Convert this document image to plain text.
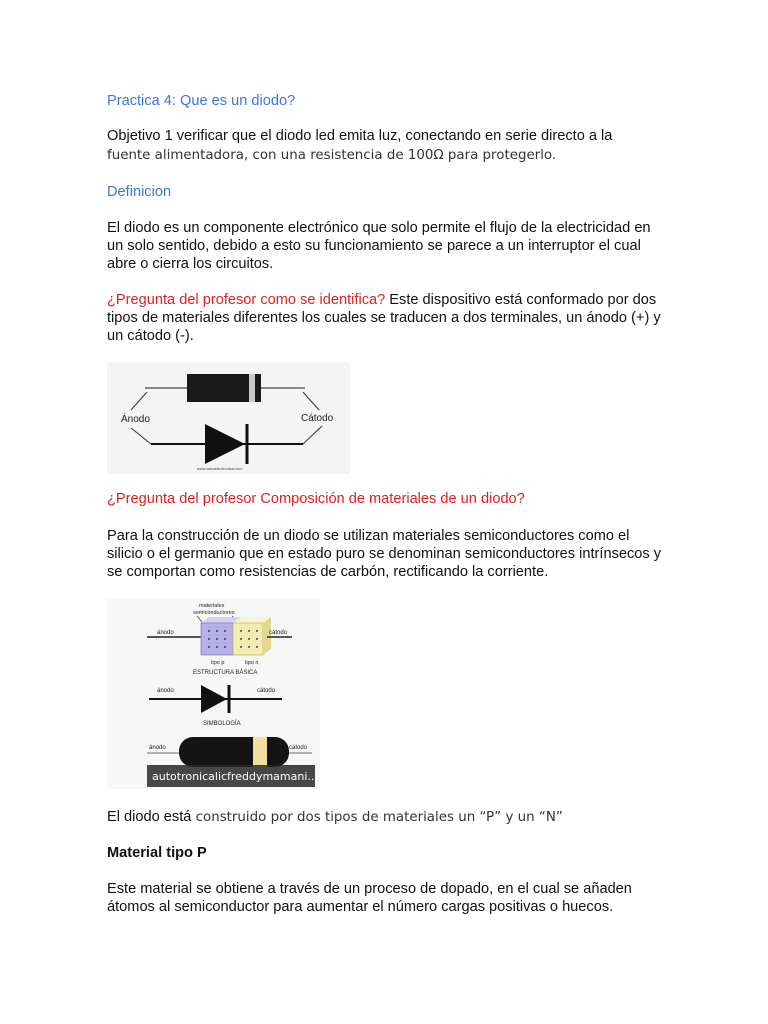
Practica 4: Que es un diodo?

Objetivo 1 verificar que el diodo led emita luz, conectando en serie directo a la

fuente alimentadora, con una resistencia de 100Ω para protegerlo.

Definicion
El diodo es un componente electrónico que solo permite el flujo de la electricidad en un solo sentido, debido a esto su funcionamiento se parece a un interruptor el cual abre o cierra los circuitos.
¿Pregunta del profesor como se identifica? Este dispositivo está conformado por dos tipos de materiales diferentes los cuales se traducen a dos terminales, un ánodo (+) y un cátodo (-).
Ánodo	Cátodo
www.areaelectronica.com
¿Pregunta del profesor Composición de materiales de un diodo?
Para la construcción de un diodo se utilizan materiales semiconductores como el silicio o el germanio que en estado puro se denominan semiconductores intrínsecos y se comportan como resistencias de carbón, rectificando la corriente.
materiales
semiconductores
ánodo	cátodo
tipo p	tipo n
ESTRUCTURA BÁSICA
ánodo	cátodo
SIMBOLOGÍA
ánodo	cátodo
autotronicalicfreddymamani...
El diodo está construido por dos tipos de materiales un “P” y un “N”
Material tipo P
Este material se obtiene a través de un proceso de dopado, en el cual se añaden átomos al semiconductor para aumentar el número cargas positivas o huecos.
